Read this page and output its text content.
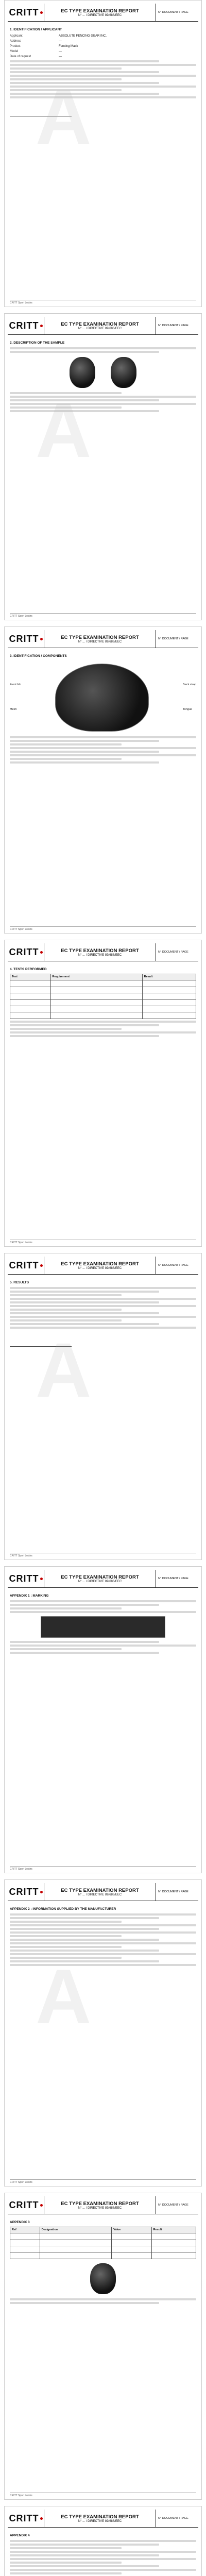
CRITT	EC TYPE EXAMINATION REPORT
N° ... / DIRECTIVE 89/686/EEC
N° DOCUMENT / PAGE
1. IDENTIFICATION / APPLICANT
Applicant	ABSOLUTE FENCING GEAR INC.
Address	—
Product	Fencing Mask
Model	—
Date of request	—
A
CRITT Sport Loisirs
CRITT	EC TYPE EXAMINATION REPORT
N° ... / DIRECTIVE 89/686/EEC
N° DOCUMENT / PAGE
2. DESCRIPTION OF THE SAMPLE
A
CRITT Sport Loisirs
CRITT	EC TYPE EXAMINATION REPORT
N° ... / DIRECTIVE 89/686/EEC
N° DOCUMENT / PAGE
3. IDENTIFICATION / COMPONENTS
Front bib
Mesh
Back strap
Tongue
CRITT Sport Loisirs
CRITT	EC TYPE EXAMINATION REPORT
N° ... / DIRECTIVE 89/686/EEC
N° DOCUMENT / PAGE
4. TESTS PERFORMED
Test	Requirement	Result

CRITT Sport Loisirs
CRITT	EC TYPE EXAMINATION REPORT
N° ... / DIRECTIVE 89/686/EEC
N° DOCUMENT / PAGE
5. RESULTS
A
CRITT Sport Loisirs
CRITT	EC TYPE EXAMINATION REPORT
N° ... / DIRECTIVE 89/686/EEC
N° DOCUMENT / PAGE
APPENDIX 1 : MARKING
CRITT Sport Loisirs
CRITT	EC TYPE EXAMINATION REPORT
N° ... / DIRECTIVE 89/686/EEC
N° DOCUMENT / PAGE
APPENDIX 2 : INFORMATION SUPPLIED BY THE MANUFACTURER
A
CRITT Sport Loisirs
CRITT	EC TYPE EXAMINATION REPORT
N° ... / DIRECTIVE 89/686/EEC
N° DOCUMENT / PAGE
APPENDIX 3
Ref	Designation	Value	Result

CRITT Sport Loisirs
CRITT	EC TYPE EXAMINATION REPORT
N° ... / DIRECTIVE 89/686/EEC
N° DOCUMENT / PAGE
APPENDIX 4
